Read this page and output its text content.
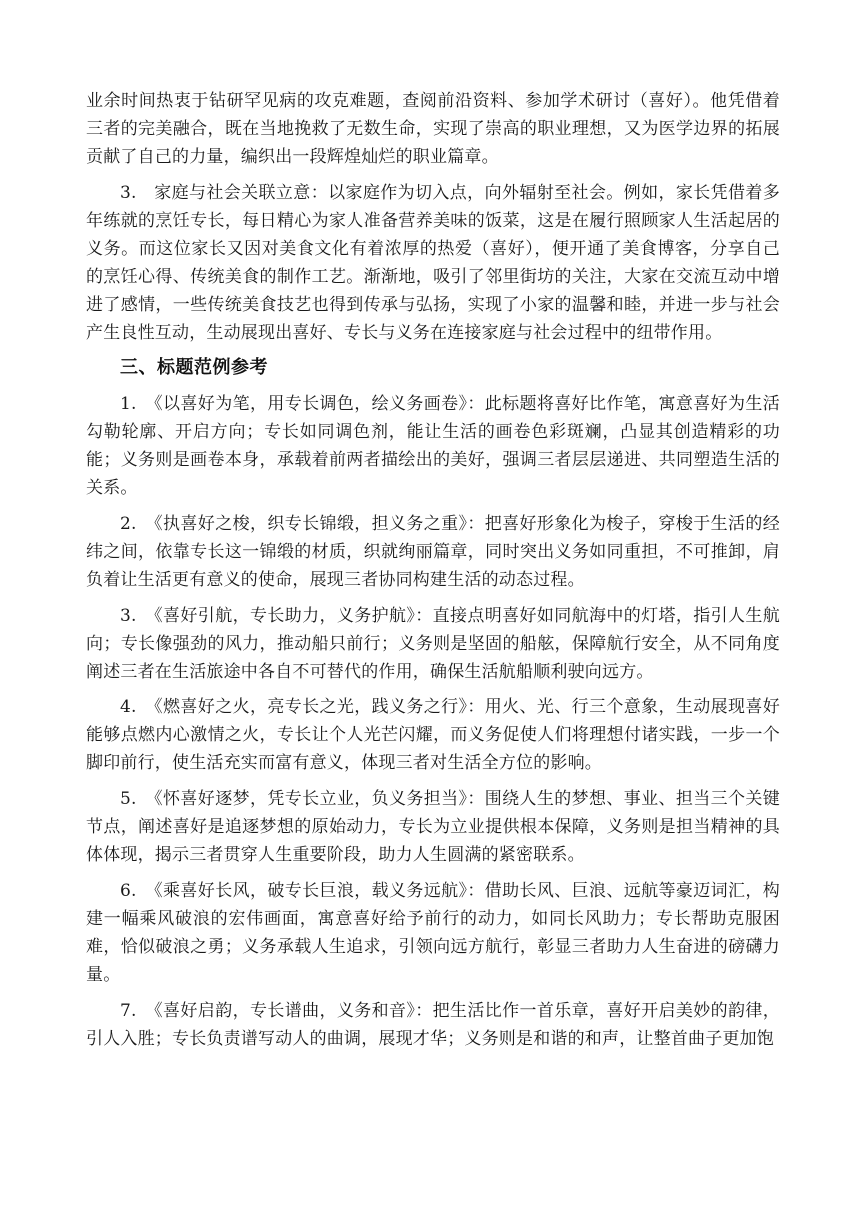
业余时间热衷于钻研罕见病的攻克难题，查阅前沿资料、参加学术研讨（喜好）。他凭借着三者的完美融合，既在当地挽救了无数生命，实现了崇高的职业理想，又为医学边界的拓展贡献了自己的力量，编织出一段辉煌灿烂的职业篇章。

3.　家庭与社会关联立意：以家庭作为切入点，向外辐射至社会。例如，家长凭借着多年练就的烹饪专长，每日精心为家人准备营养美味的饭菜，这是在履行照顾家人生活起居的义务。而这位家长又因对美食文化有着浓厚的热爱（喜好），便开通了美食博客，分享自己的烹饪心得、传统美食的制作工艺。渐渐地，吸引了邻里街坊的关注，大家在交流互动中增进了感情，一些传统美食技艺也得到传承与弘扬，实现了小家的温馨和睦，并进一步与社会产生良性互动，生动展现出喜好、专长与义务在连接家庭与社会过程中的纽带作用。

三、标题范例参考

1.　《以喜好为笔，用专长调色，绘义务画卷》：此标题将喜好比作笔，寓意喜好为生活勾勒轮廓、开启方向；专长如同调色剂，能让生活的画卷色彩斑斓，凸显其创造精彩的功能；义务则是画卷本身，承载着前两者描绘出的美好，强调三者层层递进、共同塑造生活的关系。

2.　《执喜好之梭，织专长锦缎，担义务之重》：把喜好形象化为梭子，穿梭于生活的经纬之间，依靠专长这一锦缎的材质，织就绚丽篇章，同时突出义务如同重担，不可推卸，肩负着让生活更有意义的使命，展现三者协同构建生活的动态过程。

3.　《喜好引航，专长助力，义务护航》：直接点明喜好如同航海中的灯塔，指引人生航向；专长像强劲的风力，推动船只前行；义务则是坚固的船舷，保障航行安全，从不同角度阐述三者在生活旅途中各自不可替代的作用，确保生活航船顺利驶向远方。

4.　《燃喜好之火，亮专长之光，践义务之行》：用火、光、行三个意象，生动展现喜好能够点燃内心激情之火，专长让个人光芒闪耀，而义务促使人们将理想付诸实践，一步一个脚印前行，使生活充实而富有意义，体现三者对生活全方位的影响。

5.　《怀喜好逐梦，凭专长立业，负义务担当》：围绕人生的梦想、事业、担当三个关键节点，阐述喜好是追逐梦想的原始动力，专长为立业提供根本保障，义务则是担当精神的具体体现，揭示三者贯穿人生重要阶段，助力人生圆满的紧密联系。

6.　《乘喜好长风，破专长巨浪，载义务远航》：借助长风、巨浪、远航等豪迈词汇，构建一幅乘风破浪的宏伟画面，寓意喜好给予前行的动力，如同长风助力；专长帮助克服困难，恰似破浪之勇；义务承载人生追求，引领向远方航行，彰显三者助力人生奋进的磅礴力量。

7.　《喜好启韵，专长谱曲，义务和音》：把生活比作一首乐章，喜好开启美妙的韵律，引人入胜；专长负责谱写动人的曲调，展现才华；义务则是和谐的和声，让整首曲子更加饱
